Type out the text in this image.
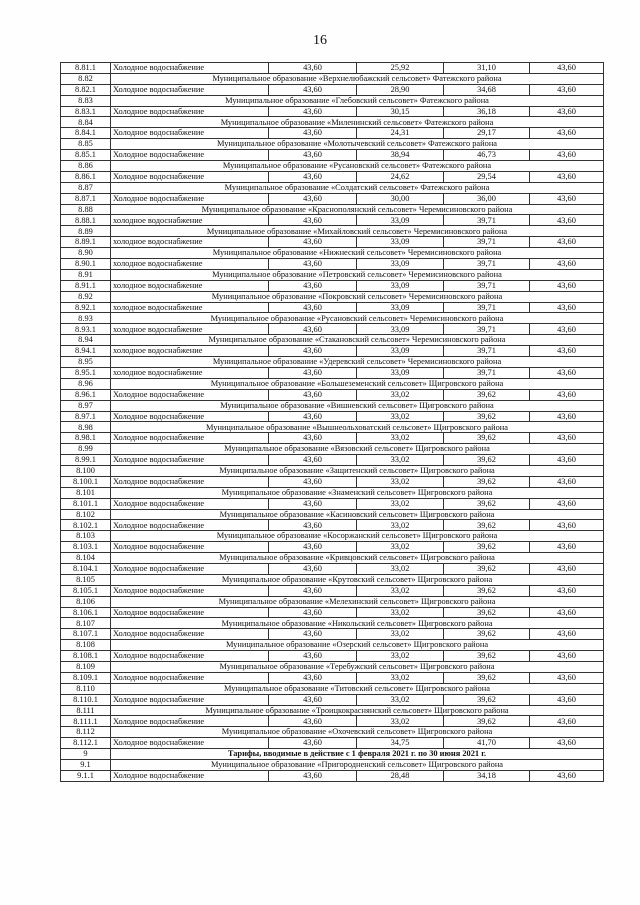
16
8.81.1	Холодное водоснабжение	43,60	25,92	31,10	43,60
8.82	Муниципальное образование «Верхнелюбажский сельсовет» Фатежского района				
8.82.1	Холодное водоснабжение	43,60	28,90	34,68	43,60
8.83	Муниципальное образование «Глебовский сельсовет» Фатежского района				
8.83.1	Холодное водоснабжение	43,60	30,15	36,18	43,60
8.84	Муниципальное образование «Миленинский сельсовет» Фатежского района				
8.84.1	Холодное водоснабжение	43,60	24,31	29,17	43,60
8.85	Муниципальное образование «Молотычевский сельсовет» Фатежского района				
8.85.1	Холодное водоснабжение	43,60	38,94	46,73	43,60
8.86	Муниципальное образование «Русановский сельсовет» Фатежского района				
8.86.1	Холодное водоснабжение	43,60	24,62	29,54	43,60
8.87	Муниципальное образование «Солдатский сельсовет» Фатежского района				
8.87.1	Холодное водоснабжение	43,60	30,00	36,00	43,60
8.88	Муниципальное образование «Краснополянский сельсовет» Черемисиновского района				
8.88.1	холодное водоснабжение	43,60	33,09	39,71	43,60
8.89	Муниципальное образование «Михайловский сельсовет» Черемисиновского района				
8.89.1	холодное водоснабжение	43,60	33,09	39,71	43,60
8.90	Муниципальное образование «Нижнеский сельсовет» Черемисиновского района				
8.90.1	холодное водоснабжение	43,60	33,09	39,71	43,60
8.91	Муниципальное образование «Петровский сельсовет» Черемисиновского района				
8.91.1	холодное водоснабжение	43,60	33,09	39,71	43,60
8.92	Муниципальное образование «Покровский сельсовет» Черемисиновского района				
8.92.1	холодное водоснабжение	43,60	33,09	39,71	43,60
8.93	Муниципальное образование «Русановский сельсовет» Черемисиновского района				
8.93.1	холодное водоснабжение	43,60	33,09	39,71	43,60
8.94	Муниципальное образование «Стакановский сельсовет» Черемисиновского района				
8.94.1	холодное водоснабжение	43,60	33,09	39,71	43,60
8.95	Муниципальное образование «Удеревский сельсовет» Черемисиновского района				
8.95.1	холодное водоснабжение	43,60	33,09	39,71	43,60
8.96	Муниципальное образование «Большеземенский сельсовет» Щигровского района				
8.96.1	Холодное водоснабжение	43,60	33,02	39,62	43,60
8.97	Муниципальное образование «Вишневский сельсовет» Щигровского района				
8.97.1	Холодное водоснабжение	43,60	33,02	39,62	43,60
8.98	Муниципальное образование «Вышнеольховатский сельсовет» Щигровского района				
8.98.1	Холодное водоснабжение	43,60	33,02	39,62	43,60
8.99	Муниципальное образование «Вязовский сельсовет» Щигровского района				
8.99.1	Холодное водоснабжение	43,60	33,02	39,62	43,60
8.100	Муниципальное образование «Защитенский сельсовет» Щигровского района				
8.100.1	Холодное водоснабжение	43,60	33,02	39,62	43,60
8.101	Муниципальное образование «Знаменский сельсовет» Щигровского района				
8.101.1	Холодное водоснабжение	43,60	33,02	39,62	43,60
8.102	Муниципальное образование «Касиновский сельсовет» Щигровского района				
8.102.1	Холодное водоснабжение	43,60	33,02	39,62	43,60
8.103	Муниципальное образование «Косоржанский сельсовет» Щигровского района				
8.103.1	Холодное водоснабжение	43,60	33,02	39,62	43,60
8.104	Муниципальное образование «Кривцовский сельсовет» Щигровского района				
8.104.1	Холодное водоснабжение	43,60	33,02	39,62	43,60
8.105	Муниципальное образование «Крутовский сельсовет» Щигровского района				
8.105.1	Холодное водоснабжение	43,60	33,02	39,62	43,60
8.106	Муниципальное образование «Мелехинский сельсовет» Щигровского района				
8.106.1	Холодное водоснабжение	43,60	33,02	39,62	43,60
8.107	Муниципальное образование «Никольский сельсовет» Щигровского района				
8.107.1	Холодное водоснабжение	43,60	33,02	39,62	43,60
8.108	Муниципальное образование «Озерский сельсовет» Щигровского района				
8.108.1	Холодное водоснабжение	43,60	33,02	39,62	43,60
8.109	Муниципальное образование «Теребужский сельсовет» Щигровского района				
8.109.1	Холодное водоснабжение	43,60	33,02	39,62	43,60
8.110	Муниципальное образование «Титовский сельсовет» Щигровского района				
8.110.1	Холодное водоснабжение	43,60	33,02	39,62	43,60
8.111	Муниципальное образование «Троицкокраснянский сельсовет» Щигровского района				
8.111.1	Холодное водоснабжение	43,60	33,02	39,62	43,60
8.112	Муниципальное образование «Охочевский сельсовет» Щигровского района				
8.112.1	Холодное водоснабжение	43,60	34,75	41,70	43,60
9	Тарифы, вводимые в действие с 1 февраля 2021 г. по 30 июня 2021 г.				
9.1	Муниципальное образование «Пригородненский сельсовет» Щигровского района				
9.1.1	Холодное водоснабжение	43,60	28,48	34,18	43,60
